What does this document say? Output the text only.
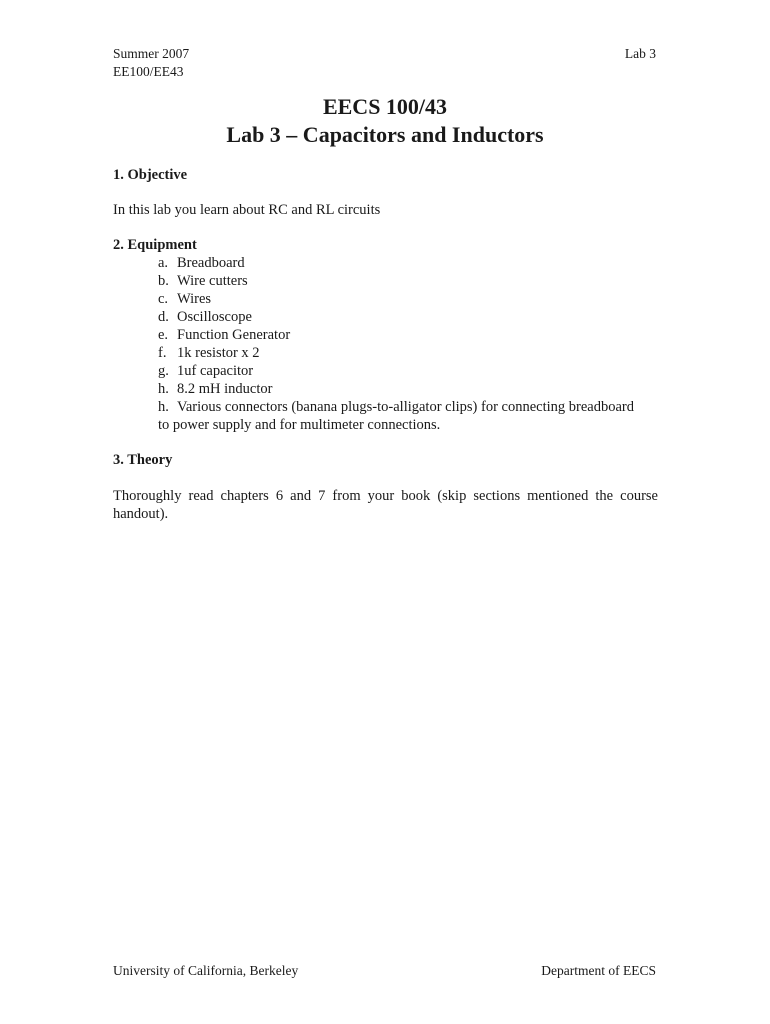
Summer 2007
EE100/EE43
Lab 3
EECS 100/43
Lab 3 – Capacitors and Inductors
1. Objective
In this lab you learn about RC and RL circuits
2. Equipment
a. Breadboard
b. Wire cutters
c. Wires
d. Oscilloscope
e. Function Generator
f. 1k resistor x 2
g. 1uf capacitor
h. 8.2 mH inductor
h. Various connectors (banana plugs-to-alligator clips) for connecting breadboard
to power supply and for multimeter connections.
3. Theory
Thoroughly read chapters 6 and 7 from your book (skip sections mentioned the course handout).
University of California, Berkeley	Department of EECS
